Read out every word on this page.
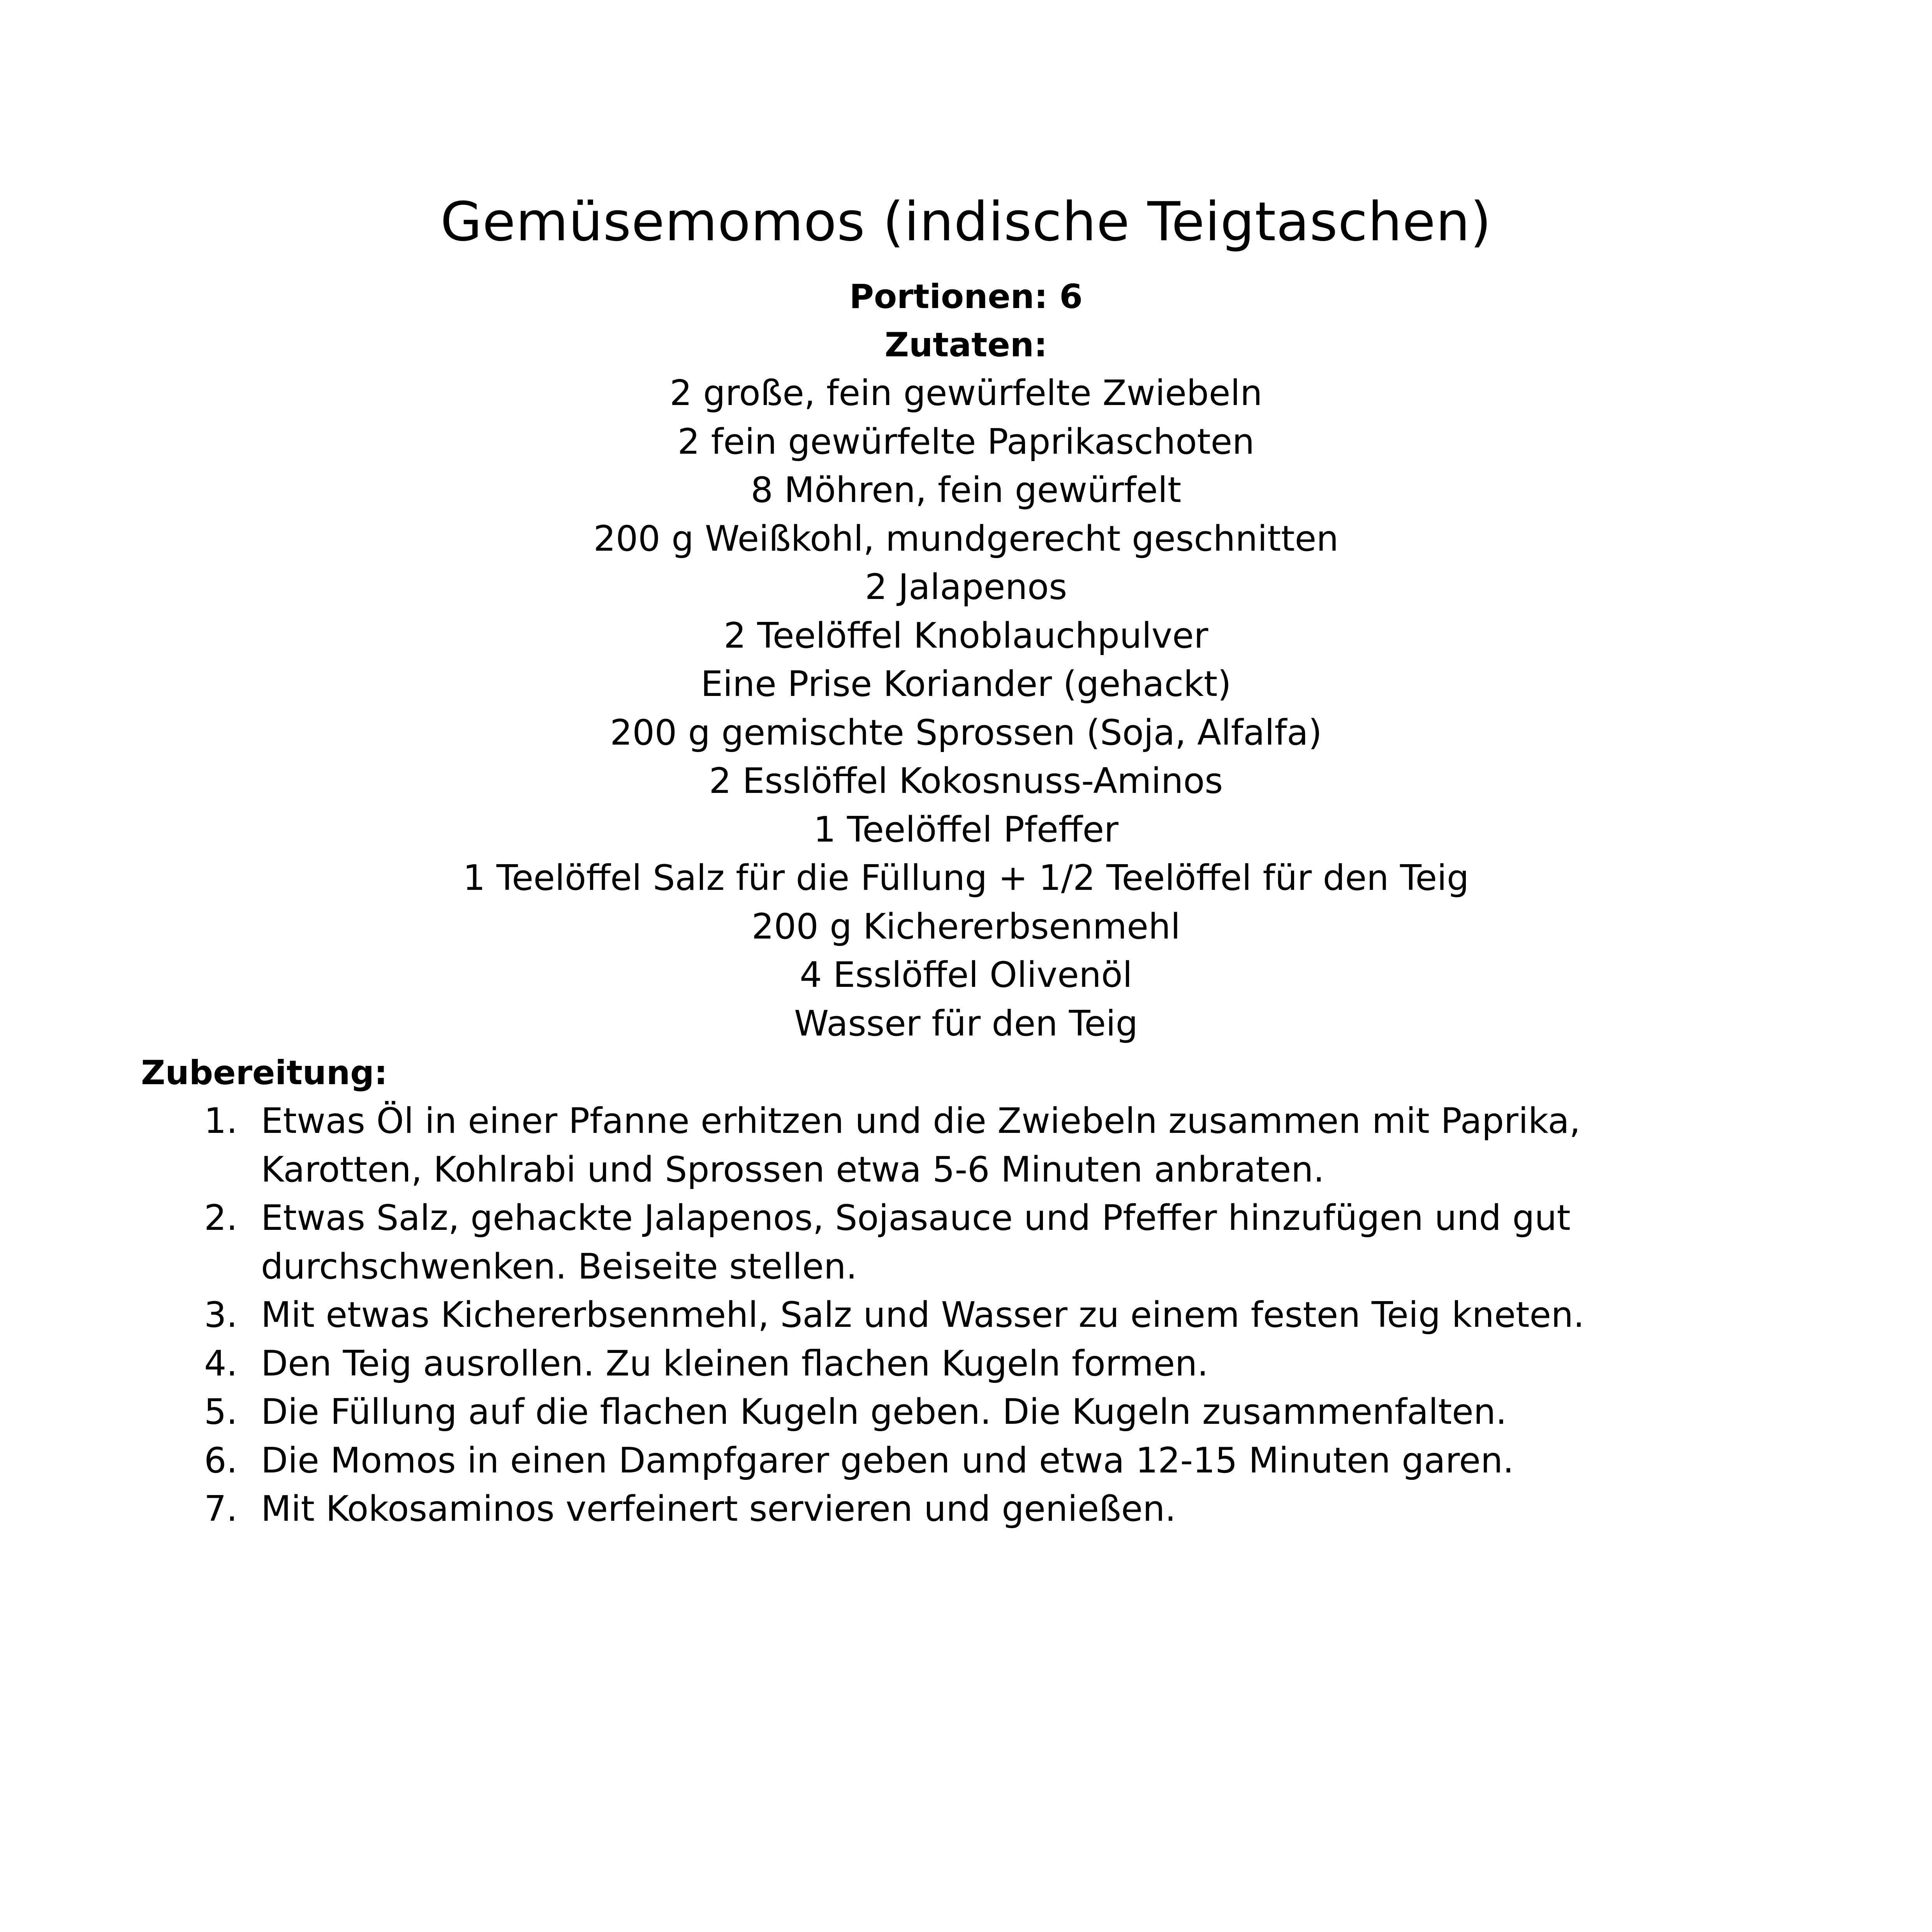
Gemüsemomos (indische Teigtaschen)

Portionen: 6

Zutaten:

2 große, fein gewürfelte Zwiebeln
2 fein gewürfelte Paprikaschoten
8 Möhren, fein gewürfelt
200 g Weißkohl, mundgerecht geschnitten
2 Jalapenos
2 Teelöffel Knoblauchpulver
Eine Prise Koriander (gehackt)
200 g gemischte Sprossen (Soja, Alfalfa)
2 Esslöffel Kokosnuss-Aminos
1 Teelöffel Pfeffer
1 Teelöffel Salz für die Füllung + 1/2 Teelöffel für den Teig
200 g Kichererbsenmehl
4 Esslöffel Olivenöl
Wasser für den Teig

Zubereitung:

1. Etwas Öl in einer Pfanne erhitzen und die Zwiebeln zusammen mit Paprika, Karotten, Kohlrabi und Sprossen etwa 5-6 Minuten anbraten.
2. Etwas Salz, gehackte Jalapenos, Sojasauce und Pfeffer hinzufügen und gut durchschwenken. Beiseite stellen.
3. Mit etwas Kichererbsenmehl, Salz und Wasser zu einem festen Teig kneten.
4. Den Teig ausrollen. Zu kleinen flachen Kugeln formen.
5. Die Füllung auf die flachen Kugeln geben. Die Kugeln zusammenfalten.
6. Die Momos in einen Dampfgarer geben und etwa 12-15 Minuten garen.
7. Mit Kokosaminos verfeinert servieren und genießen.
